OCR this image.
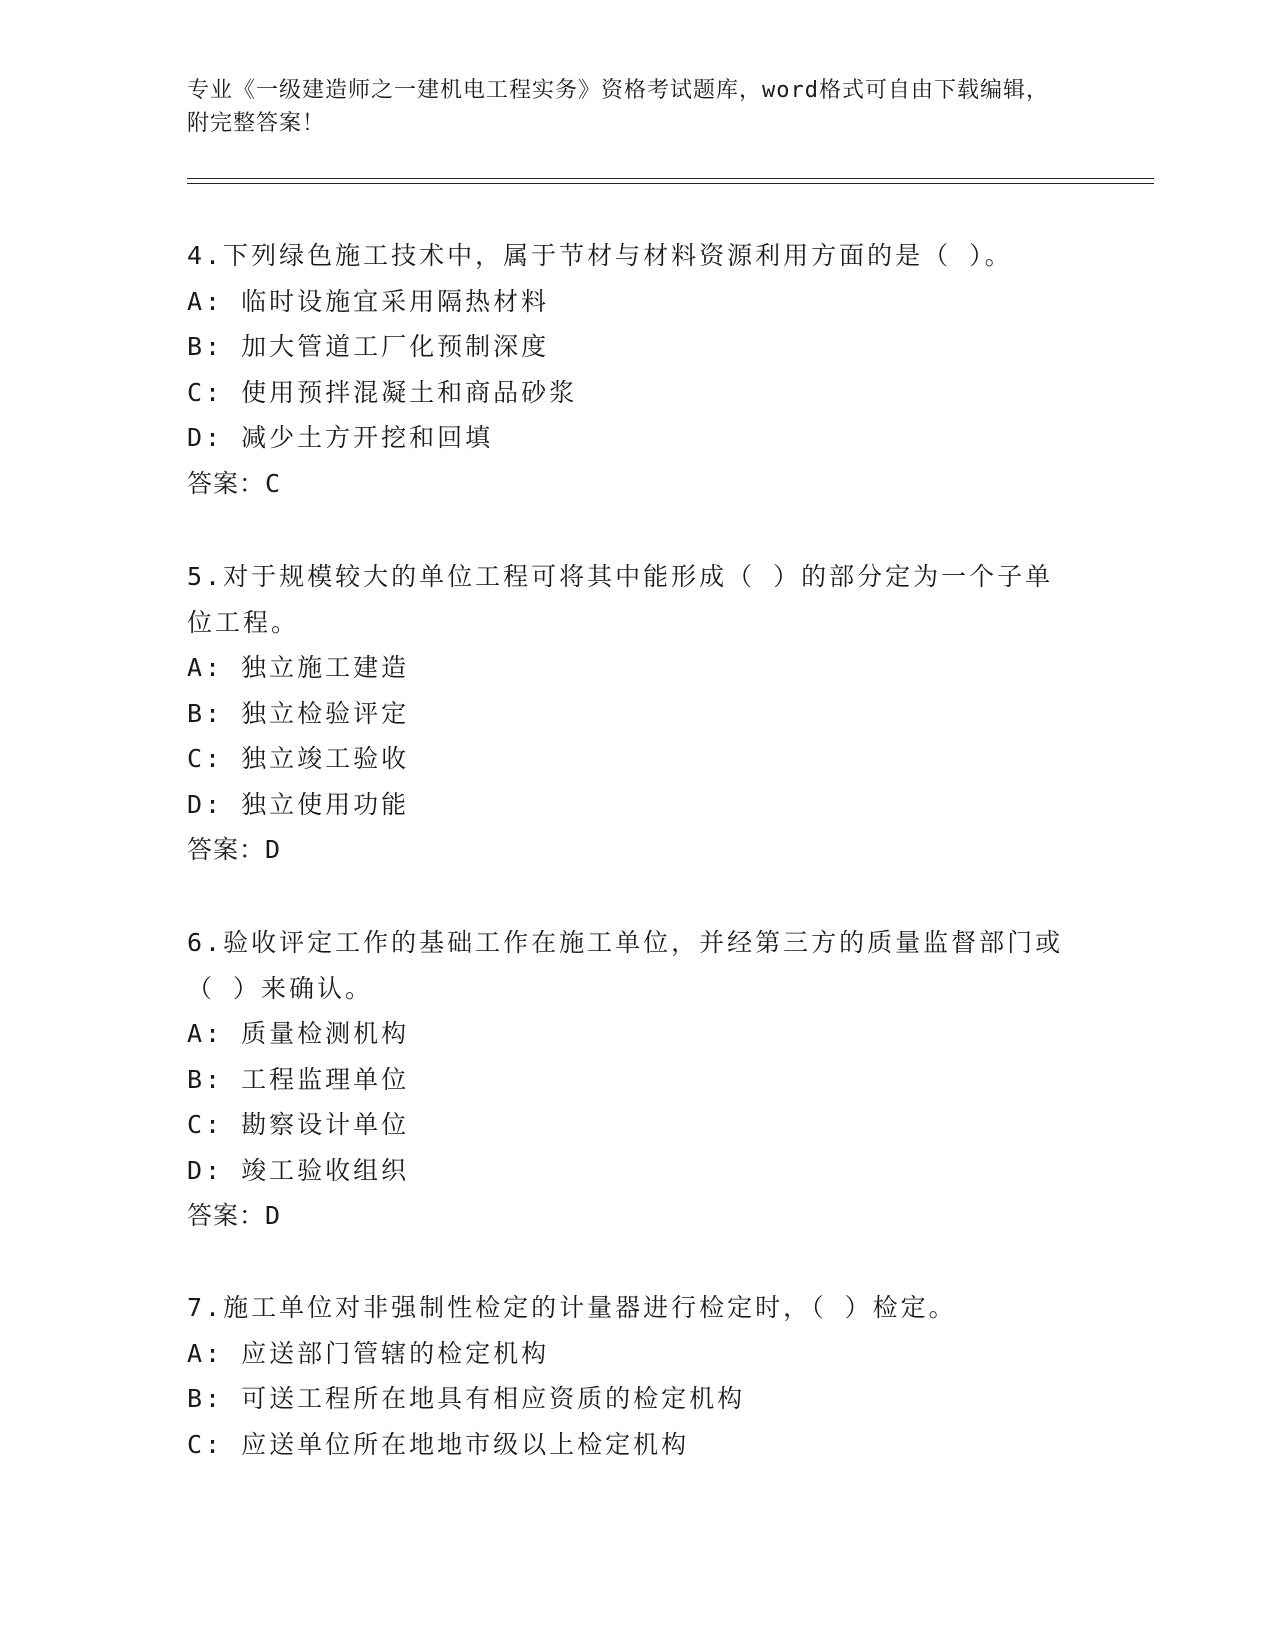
专业《一级建造师之一建机电工程实务》资格考试题库，word格式可自由下载编辑，附完整答案！
4.下列绿色施工技术中，属于节材与材料资源利用方面的是（ ）。
A: 临时设施宜采用隔热材料
B: 加大管道工厂化预制深度
C: 使用预拌混凝土和商品砂浆
D: 减少土方开挖和回填
答案：C
5.对于规模较大的单位工程可将其中能形成（ ）的部分定为一个子单位工程。
A: 独立施工建造
B: 独立检验评定
C: 独立竣工验收
D: 独立使用功能
答案：D
6.验收评定工作的基础工作在施工单位，并经第三方的质量监督部门或（ ）来确认。
A: 质量检测机构
B: 工程监理单位
C: 勘察设计单位
D: 竣工验收组织
答案：D
7.施工单位对非强制性检定的计量器进行检定时，（ ）检定。
A: 应送部门管辖的检定机构
B: 可送工程所在地具有相应资质的检定机构
C: 应送单位所在地地市级以上检定机构
